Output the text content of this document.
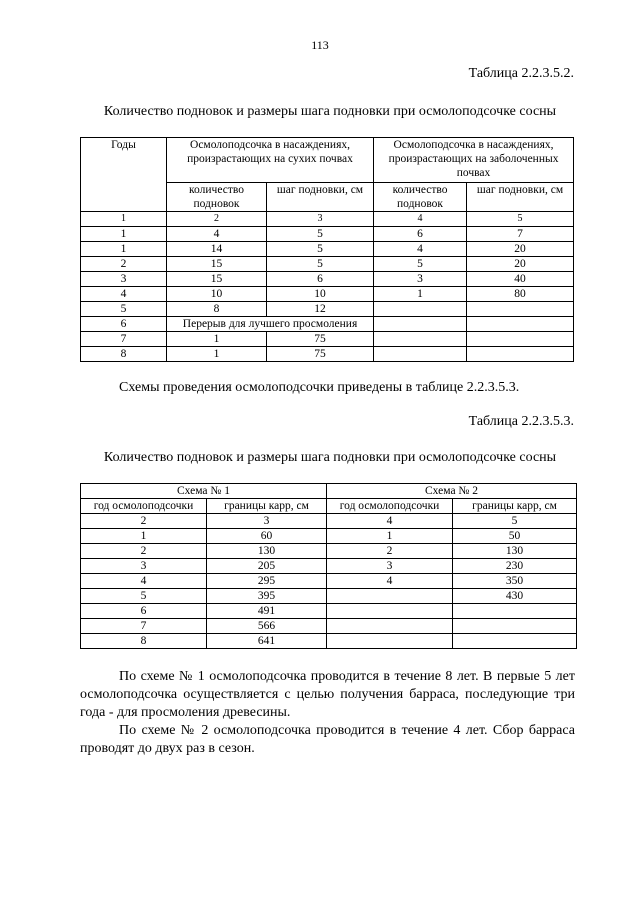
113
Таблица 2.2.3.5.2.
Количество подновок и размеры шага подновки при осмолоподсочке сосны
Годы	Осмолоподсочка в насаждениях, произрастающих на сухих почвах		Осмолоподсочка в насаждениях, произрастающих на заболоченных почвах	
	количество подновок	шаг подновки, см	количество подновок	шаг подновки, см
1	2	3	4	5
1	4	5	6	7
1	14	5	4	20
2	15	5	5	20
3	15	6	3	40
4	10	10	1	80
5	8	12		
6	Перерыв для лучшего просмоления			
7	1	75		
8	1	75		
Схемы проведения осмолоподсочки приведены в таблице 2.2.3.5.3.
Таблица 2.2.3.5.3.
Количество подновок и размеры шага подновки при осмолоподсочке сосны
Схема № 1		Схема № 2	
год осмолоподсочки	границы карр, см	год осмолоподсочки	границы карр, см
2	3	4	5
1	60	1	50
2	130	2	130
3	205	3	230
4	295	4	350
5	395		430
6	491		
7	566		
8	641		

По схеме № 1 осмолоподсочка проводится в течение 8 лет. В первые 5 лет осмолоподсочка осуществляется с целью получения барраса, последующие три года - для просмоления древесины.

По схеме № 2 осмолоподсочка проводится в течение 4 лет. Сбор барраса проводят до двух раз в сезон.
